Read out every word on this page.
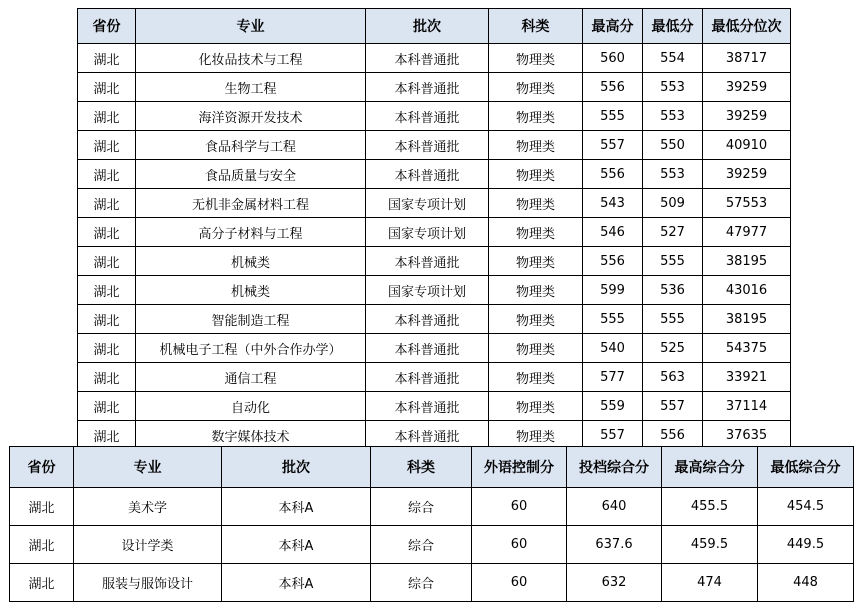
省份	专业	批次	科类	最高分	最低分	最低分位次
湖北	化妆品技术与工程	本科普通批	物理类	560	554	38717
湖北	生物工程	本科普通批	物理类	556	553	39259
湖北	海洋资源开发技术	本科普通批	物理类	555	553	39259
湖北	食品科学与工程	本科普通批	物理类	557	550	40910
湖北	食品质量与安全	本科普通批	物理类	556	553	39259
湖北	无机非金属材料工程	国家专项计划	物理类	543	509	57553
湖北	高分子材料与工程	国家专项计划	物理类	546	527	47977
湖北	机械类	本科普通批	物理类	556	555	38195
湖北	机械类	国家专项计划	物理类	599	536	43016
湖北	智能制造工程	本科普通批	物理类	555	555	38195
湖北	机械电子工程（中外合作办学）	本科普通批	物理类	540	525	54375
湖北	通信工程	本科普通批	物理类	577	563	33921
湖北	自动化	本科普通批	物理类	559	557	37114
湖北	数字媒体技术	本科普通批	物理类	557	556	37635
省份	专业	批次	科类	外语控制分	投档综合分	最高综合分	最低综合分
湖北	美术学	本科A	综合	60	640	455.5	454.5
湖北	设计学类	本科A	综合	60	637.6	459.5	449.5
湖北	服装与服饰设计	本科A	综合	60	632	474	448
